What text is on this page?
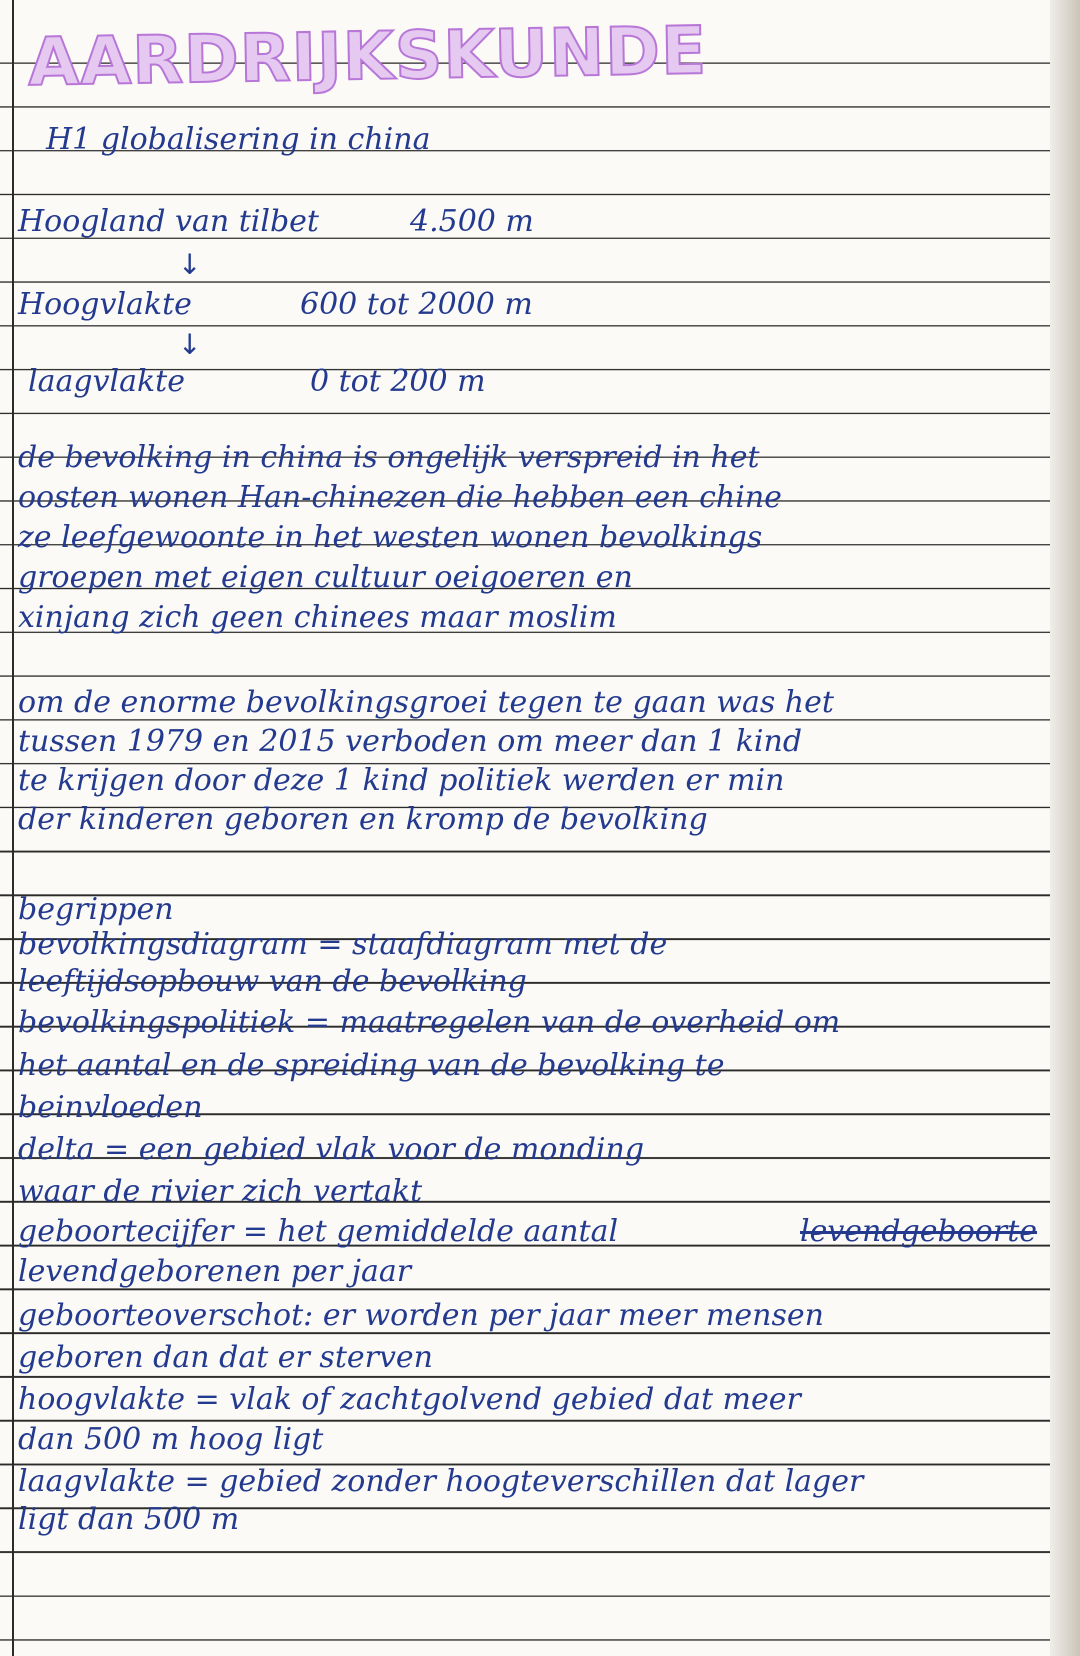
AARDRIJKSKUNDE

H1 globalisering in china

Hoogland van tilbet	4.500 m

↓

Hoogvlakte	600 tot 2000 m

↓

laagvlakte	0 tot 200 m

de bevolking in china is ongelijk verspreid in het

oosten wonen Han-chinezen die hebben een chine

ze leefgewoonte in het westen wonen bevolkings

groepen met eigen cultuur oeigoeren en

xinjang zich geen chinees maar moslim

om de enorme bevolkingsgroei tegen te gaan was het

tussen 1979 en 2015 verboden om meer dan 1 kind

te krijgen door deze 1 kind politiek werden er min

der kinderen geboren en kromp de bevolking

begrippen

bevolkingsdiagram = staafdiagram met de

leeftijdsopbouw van de bevolking

bevolkingspolitiek = maatregelen van de overheid om

het aantal en de spreiding van de bevolking te

beinvloeden

delta = een gebied vlak voor de monding

waar de rivier zich vertakt

geboortecijfer = het gemiddelde aantal	levendgeboorte

levendgeborenen per jaar

geboorteoverschot: er worden per jaar meer mensen

geboren dan dat er sterven

hoogvlakte = vlak of zachtgolvend gebied dat meer

dan 500 m hoog ligt

laagvlakte = gebied zonder hoogteverschillen dat lager

ligt dan 500 m
